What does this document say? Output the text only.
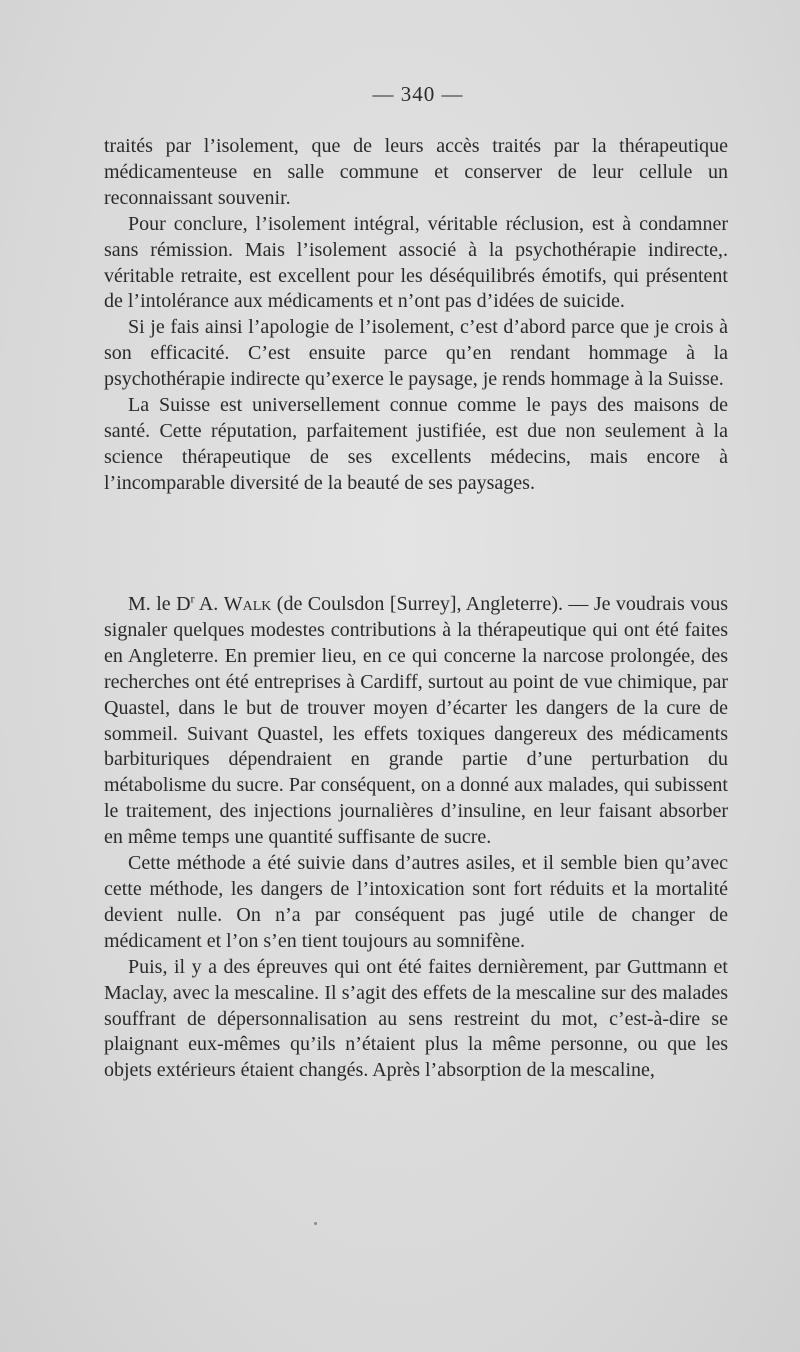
— 340 —

traités par l’isolement, que de leurs accès traités par la thérapeutique médicamenteuse en salle commune et conserver de leur cellule un reconnaissant souvenir.

Pour conclure, l’isolement intégral, véritable réclusion, est à condamner sans rémission. Mais l’isolement associé à la psychothérapie indirecte,. véritable retraite, est excellent pour les déséquilibrés émotifs, qui présentent de l’intolérance aux médicaments et n’ont pas d’idées de suicide.

Si je fais ainsi l’apologie de l’isolement, c’est d’abord parce que je crois à son efficacité. C’est ensuite parce qu’en rendant hommage à la psychothérapie indirecte qu’exerce le paysage, je rends hommage à la Suisse.

La Suisse est universellement connue comme le pays des maisons de santé. Cette réputation, parfaitement justifiée, est due non seulement à la science thérapeutique de ses excellents médecins, mais encore à l’incomparable diversité de la beauté de ses paysages.

M. le $D^r$ A. Walk (de Coulsdon [Surrey], Angleterre). — Je voudrais vous signaler quelques modestes contributions à la thérapeutique qui ont été faites en Angleterre. En premier lieu, en ce qui concerne la narcose prolongée, des recherches ont été entreprises à Cardiff, surtout au point de vue chimique, par Quastel, dans le but de trouver moyen d’écarter les dangers de la cure de sommeil. Suivant Quastel, les effets toxiques dangereux des médicaments barbituriques dépendraient en grande partie d’une perturbation du métabolisme du sucre. Par conséquent, on a donné aux malades, qui subissent le traitement, des injections journalières d’insuline, en leur faisant absorber en même temps une quantité suffisante de sucre.

Cette méthode a été suivie dans d’autres asiles, et il semble bien qu’avec cette méthode, les dangers de l’intoxication sont fort réduits et la mortalité devient nulle. On n’a par conséquent pas jugé utile de changer de médicament et l’on s’en tient toujours au somnifène.

Puis, il y a des épreuves qui ont été faites dernièrement, par Guttmann et Maclay, avec la mescaline. Il s’agit des effets de la mescaline sur des malades souffrant de dépersonnalisation au sens restreint du mot, c’est-à-dire se plaignant eux-mêmes qu’ils n’étaient plus la même personne, ou que les objets extérieurs étaient changés. Après l’absorption de la mescaline,
